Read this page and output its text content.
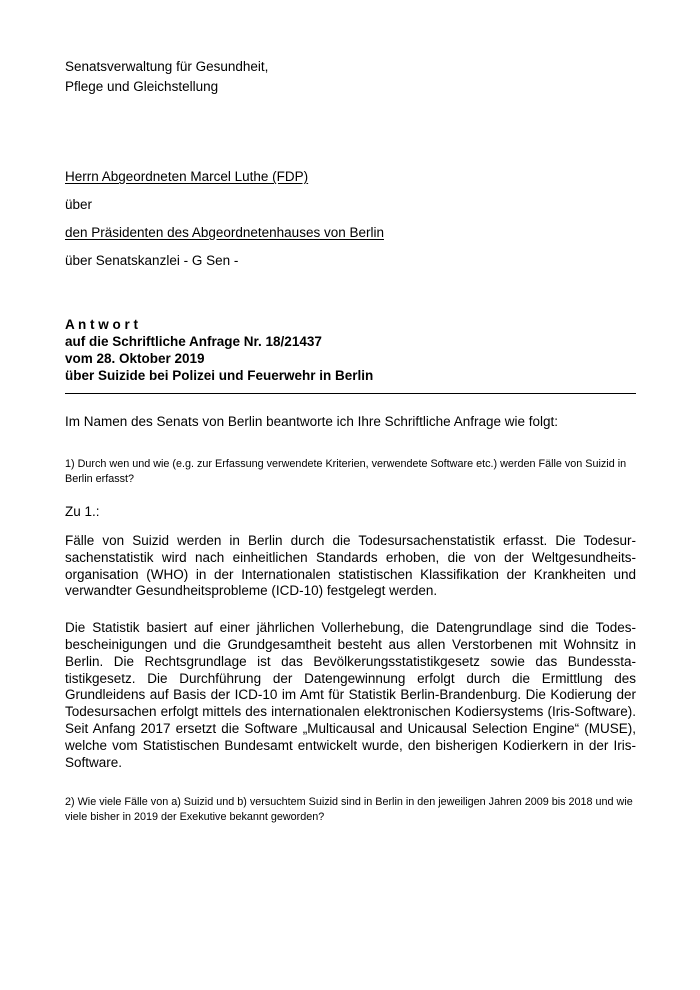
Senatsverwaltung für Gesundheit,
Pflege und Gleichstellung
Herrn Abgeordneten Marcel Luthe (FDP)
über
den Präsidenten des Abgeordnetenhauses von Berlin
über Senatskanzlei - G Sen -
A n t w o r t
auf die Schriftliche Anfrage Nr. 18/21437
vom 28. Oktober 2019
über Suizide bei Polizei und Feuerwehr in Berlin

Im Namen des Senats von Berlin beantworte ich Ihre Schriftliche Anfrage wie folgt:

1) Durch wen und wie (e.g. zur Erfassung verwendete Kriterien, verwendete Software etc.) werden Fälle von Suizid in Berlin erfasst?

Zu 1.:

Fälle von Suizid werden in Berlin durch die Todesursachenstatistik erfasst. Die Todesursachenstatistik wird nach einheitlichen Standards erhoben, die von der Weltgesundheitsorganisation (WHO) in der Internationalen statistischen Klassifikation der Krankheiten und verwandter Gesundheitsprobleme (ICD-10) festgelegt werden.

Die Statistik basiert auf einer jährlichen Vollerhebung, die Datengrundlage sind die Todesbescheinigungen und die Grundgesamtheit besteht aus allen Verstorbenen mit Wohnsitz in Berlin. Die Rechtsgrundlage ist das Bevölkerungsstatistikgesetz sowie das Bundesstatistikgesetz. Die Durchführung der Datengewinnung erfolgt durch die Ermittlung des Grundleidens auf Basis der ICD-10 im Amt für Statistik Berlin-Brandenburg. Die Kodierung der Todesursachen erfolgt mittels des internationalen elektronischen Kodiersystems (Iris-Software). Seit Anfang 2017 ersetzt die Software „Multicausal and Unicausal Selection Engine“ (MUSE), welche vom Statistischen Bundesamt entwickelt wurde, den bisherigen Kodierkern in der Iris-Software.

2) Wie viele Fälle von a) Suizid und b) versuchtem Suizid sind in Berlin in den jeweiligen Jahren 2009 bis 2018 und wie viele bisher in 2019 der Exekutive bekannt geworden?
